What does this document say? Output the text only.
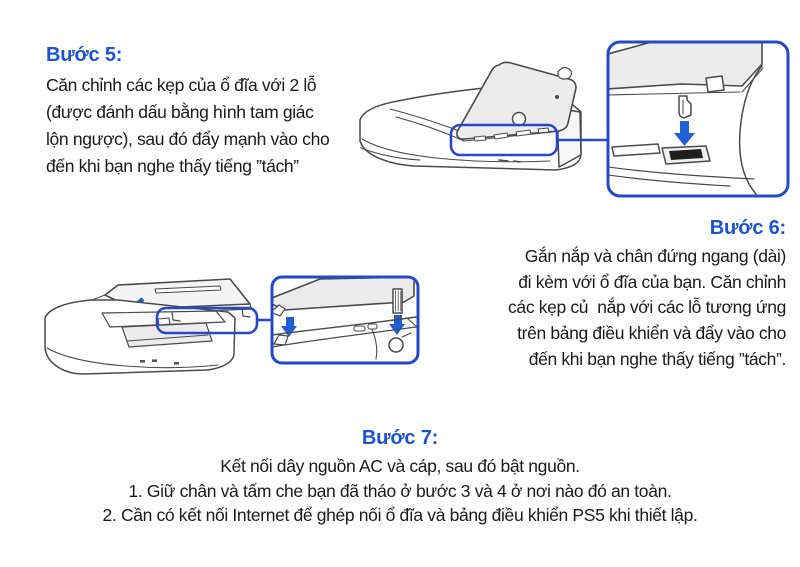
Bước 5:
Căn chỉnh các kẹp của ổ đĩa với 2 lỗ
(được đánh dấu bằng hình tam giác
lộn ngược), sau đó đẩy mạnh vào cho
đến khi bạn nghe thấy tiếng ”tách”
Bước 6:
Gắn nắp và chân đứng ngang (dài)
đi kèm với ổ đĩa của bạn. Căn chỉnh
các kẹp củ  nắp với các lỗ tương ứng
trên bảng điều khiển và đẩy vào cho
đến khi bạn nghe thấy tiếng ”tách”.
Bước 7:
Kết nối dây nguồn AC và cáp, sau đó bật nguồn.
1. Giữ chân và tấm che bạn đã tháo ở bước 3 và 4 ở nơi nào đó an toàn.
2. Cần có kết nối Internet để ghép nối ổ đĩa và bảng điều khiển PS5 khi thiết lập.
